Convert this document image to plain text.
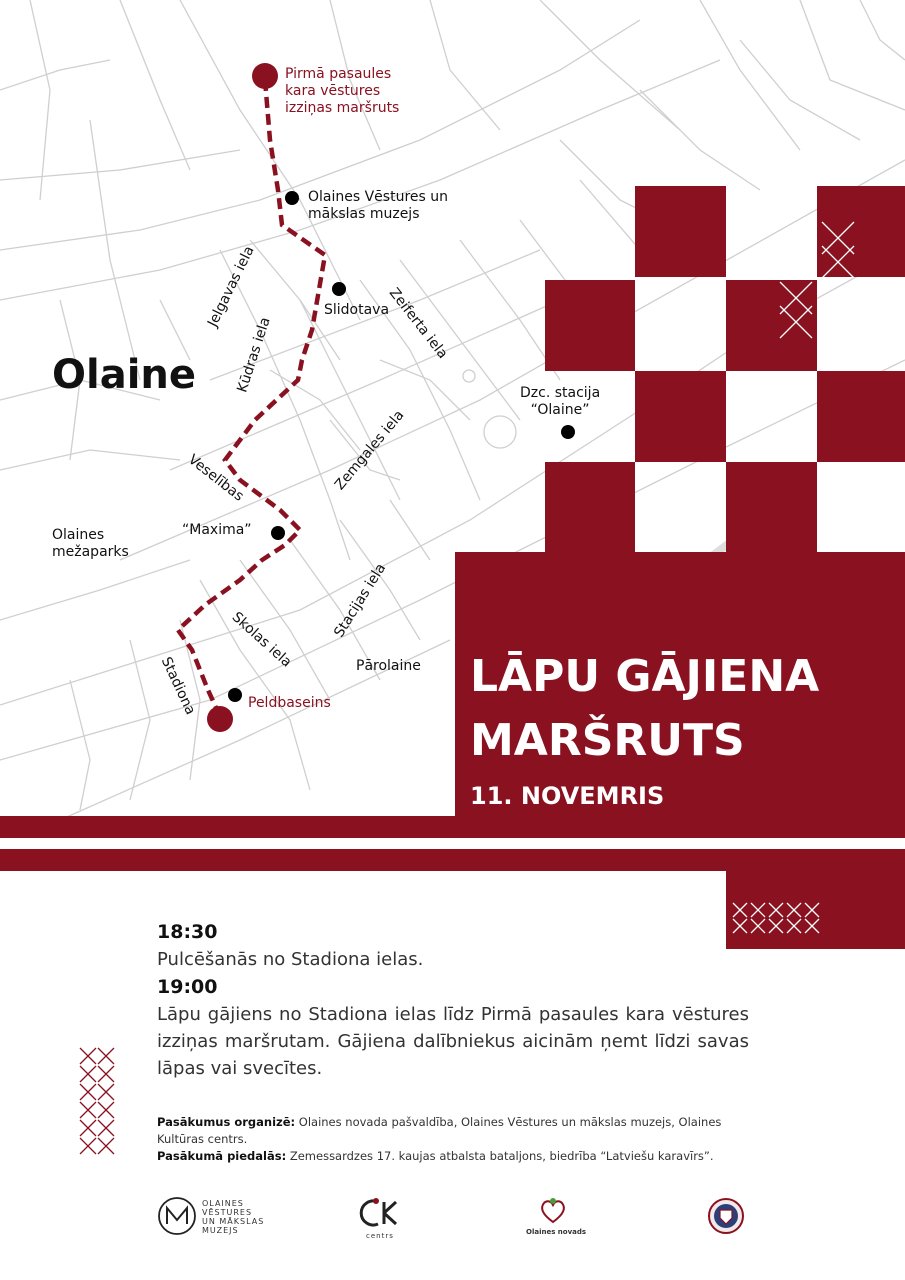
Pirmā pasaules
kara vēstures
izziņas maršruts
Olaines Vēstures un
mākslas muzejs
Slidotava
Dzc. stacija
“Olaine”
“Maxima”
Peldbaseins
Olaine
Olaines
mežaparks
Pārolaine
Jelgavas iela
Kūdras iela	Zeiferta iela
Zemgales iela
Veselības
Skolas iela	Stacijas iela
Stadiona	LĀPU GĀJIENA
MARŠRUTS
11. NOVEMRIS
18:30
Pulcēšanās no Stadiona ielas.
19:00
Lāpu gājiens no Stadiona ielas līdz Pirmā pasaules kara vēstures izziņas maršrutam. Gājiena dalībniekus aicinām ņemt līdzi savas lāpas vai svecītes.
Pasākumus organizē: Olaines novada pašvaldība, Olaines Vēstures un mākslas muzejs, Olaines Kultūras centrs.
Pasākumā piedalās: Zemessardzes 17. kaujas atbalsta bataljons, biedrība “Latviešu karavīrs”.
OLAINES
VĒSTURES
UN MĀKSLAS
MUZEJS
centrs	Olaines novads
